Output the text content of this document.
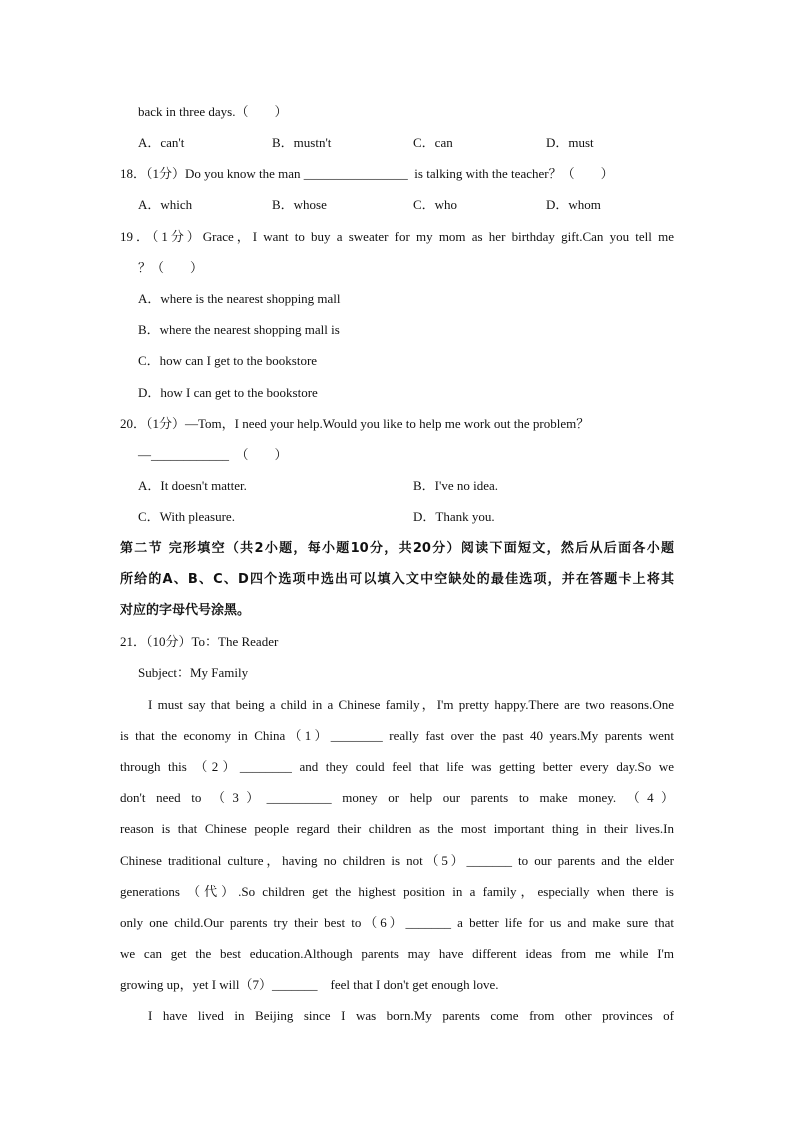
back in three days.（　　）
A．can't	B．mustn't	C．can	D．must
18．（1分）Do you know the man ________________  is talking with the teacher？（　　）
A．which	B．whose	C．who	D．whom
19．（1分）Grace，I want to buy a sweater for my mom as her birthday gift.Can you tell me
？（　　）
A．where is the nearest shopping mall
B．where the nearest shopping mall is
C．how can I get to the bookstore
D．how I can get to the bookstore
20．（1分）—Tom，I need your help.Would you like to help me work out the problem？
—____________  （　　）
A．It doesn't matter.	B．I've no idea.
C．With pleasure.	D．Thank you.
第二节 完形填空（共2小题，每小题10分，共20分）阅读下面短文，然后从后面各小题
所给的A、B、C、D四个选项中选出可以填入文中空缺处的最佳选项，并在答题卡上将其
对应的字母代号涂黑。
21．（10分）To：The Reader
Subject：My Family
I must say that being a child in a Chinese family，I'm pretty happy.There are two reasons.One
is that the economy in China（1）________ really fast over the past 40 years.My parents went
through this （2）________ and they could feel that life was getting better every day.So we
don't need to （3）__________ money or help our parents to make money. （4）
reason is that Chinese people regard their children as the most important thing in their lives.In
Chinese traditional culture，having no children is not（5）_______ to our parents and the elder
generations （代）.So children get the highest position in a family，especially when there is
only one child.Our parents try their best to（6）_______ a better life for us and make sure that
we can get the best education.Although parents may have different ideas from me while I'm
growing up，yet I will（7）_______    feel that I don't get enough love.
I have lived in Beijing since I was born.My parents come from other provinces of
